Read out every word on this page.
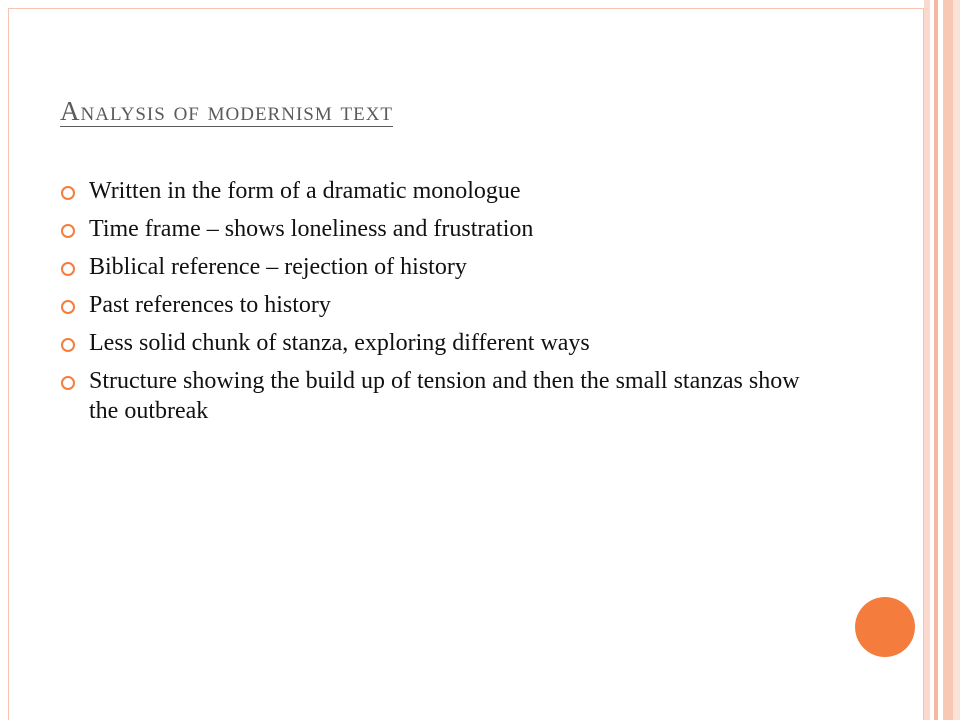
Analysis of modernism text
Written in the form of a dramatic monologue
Time frame – shows loneliness and frustration
Biblical reference – rejection of history
Past references to history
Less solid chunk of stanza, exploring different ways
Structure showing the build up of tension and then the small stanzas show the outbreak
